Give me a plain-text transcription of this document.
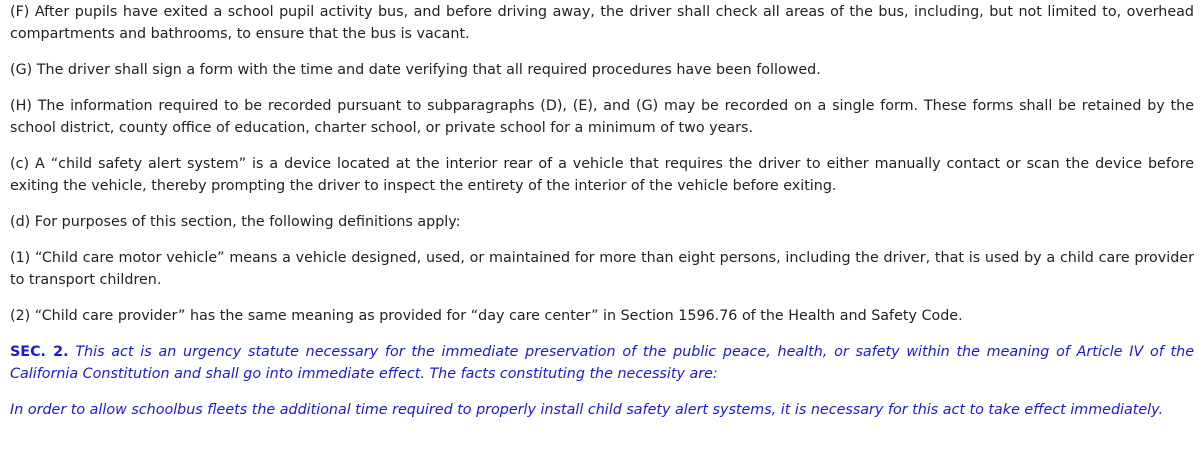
(F) After pupils have exited a school pupil activity bus, and before driving away, the driver shall check all areas of the bus, including, but not limited to, overhead compartments and bathrooms, to ensure that the bus is vacant.

(G) The driver shall sign a form with the time and date verifying that all required procedures have been followed.

(H) The information required to be recorded pursuant to subparagraphs (D), (E), and (G) may be recorded on a single form. These forms shall be retained by the school district, county office of education, charter school, or private school for a minimum of two years.

(c) A “child safety alert system” is a device located at the interior rear of a vehicle that requires the driver to either manually contact or scan the device before exiting the vehicle, thereby prompting the driver to inspect the entirety of the interior of the vehicle before exiting.

(d) For purposes of this section, the following definitions apply:

(1) “Child care motor vehicle” means a vehicle designed, used, or maintained for more than eight persons, including the driver, that is used by a child care provider to transport children.

(2) “Child care provider” has the same meaning as provided for “day care center” in Section 1596.76 of the Health and Safety Code.

SEC. 2. This act is an urgency statute necessary for the immediate preservation of the public peace, health, or safety within the meaning of Article IV of the California Constitution and shall go into immediate effect. The facts constituting the necessity are:

In order to allow schoolbus fleets the additional time required to properly install child safety alert systems, it is necessary for this act to take effect immediately.
